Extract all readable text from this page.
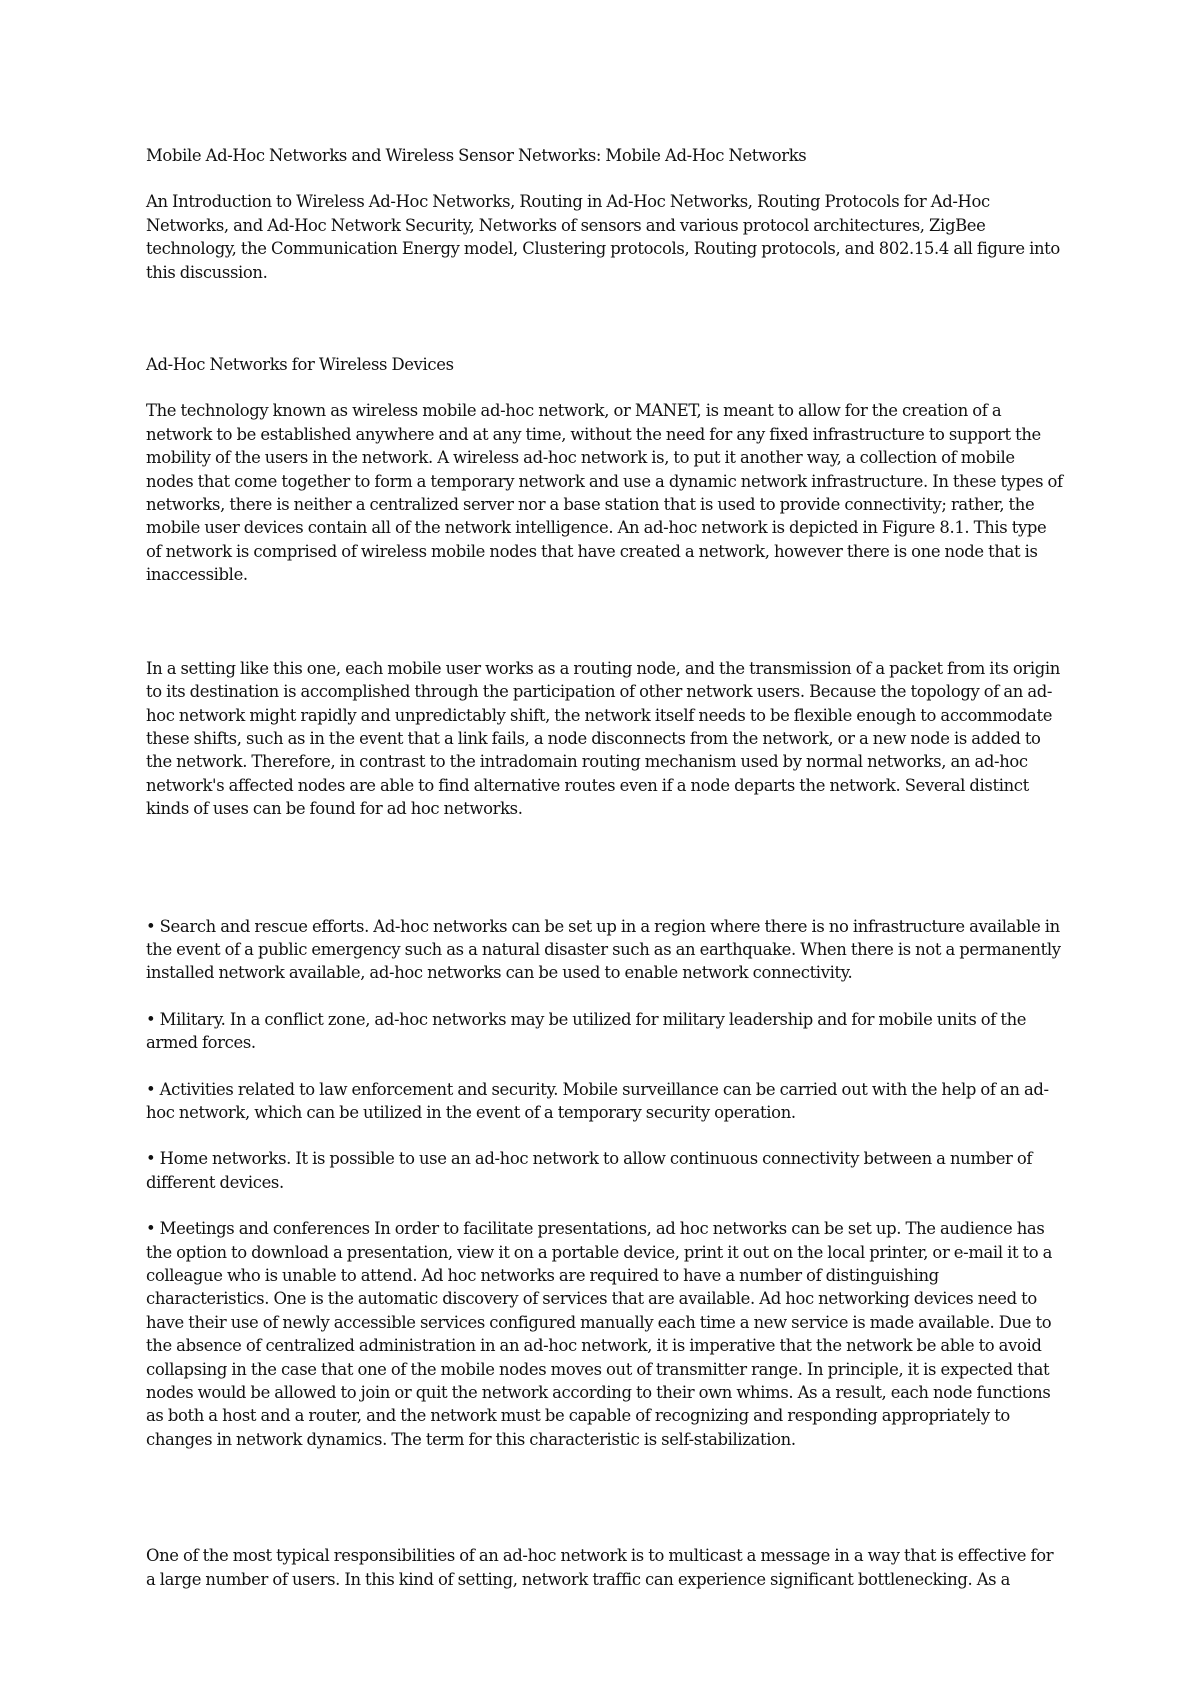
Mobile Ad-Hoc Networks and Wireless Sensor Networks: Mobile Ad-Hoc Networks

An Introduction to Wireless Ad-Hoc Networks, Routing in Ad-Hoc Networks, Routing Protocols for Ad-Hoc Networks, and Ad-Hoc Network Security, Networks of sensors and various protocol architectures, ZigBee technology, the Communication Energy model, Clustering protocols, Routing protocols, and 802.15.4 all figure into this discussion.

Ad-Hoc Networks for Wireless Devices

The technology known as wireless mobile ad-hoc network, or MANET, is meant to allow for the creation of a network to be established anywhere and at any time, without the need for any fixed infrastructure to support the mobility of the users in the network. A wireless ad-hoc network is, to put it another way, a collection of mobile nodes that come together to form a temporary network and use a dynamic network infrastructure. In these types of networks, there is neither a centralized server nor a base station that is used to provide connectivity; rather, the mobile user devices contain all of the network intelligence. An ad-hoc network is depicted in Figure 8.1. This type of network is comprised of wireless mobile nodes that have created a network, however there is one node that is inaccessible.

In a setting like this one, each mobile user works as a routing node, and the transmission of a packet from its origin to its destination is accomplished through the participation of other network users. Because the topology of an ad-hoc network might rapidly and unpredictably shift, the network itself needs to be flexible enough to accommodate these shifts, such as in the event that a link fails, a node disconnects from the network, or a new node is added to the network. Therefore, in contrast to the intradomain routing mechanism used by normal networks, an ad-hoc network's affected nodes are able to find alternative routes even if a node departs the network. Several distinct kinds of uses can be found for ad hoc networks.

• Search and rescue efforts. Ad-hoc networks can be set up in a region where there is no infrastructure available in the event of a public emergency such as a natural disaster such as an earthquake. When there is not a permanently installed network available, ad-hoc networks can be used to enable network connectivity.

• Military. In a conflict zone, ad-hoc networks may be utilized for military leadership and for mobile units of the armed forces.

• Activities related to law enforcement and security. Mobile surveillance can be carried out with the help of an ad-hoc network, which can be utilized in the event of a temporary security operation.

• Home networks. It is possible to use an ad-hoc network to allow continuous connectivity between a number of different devices.

• Meetings and conferences In order to facilitate presentations, ad hoc networks can be set up. The audience has the option to download a presentation, view it on a portable device, print it out on the local printer, or e-mail it to a colleague who is unable to attend. Ad hoc networks are required to have a number of distinguishing characteristics. One is the automatic discovery of services that are available. Ad hoc networking devices need to have their use of newly accessible services configured manually each time a new service is made available. Due to the absence of centralized administration in an ad-hoc network, it is imperative that the network be able to avoid collapsing in the case that one of the mobile nodes moves out of transmitter range. In principle, it is expected that nodes would be allowed to join or quit the network according to their own whims. As a result, each node functions as both a host and a router, and the network must be capable of recognizing and responding appropriately to changes in network dynamics. The term for this characteristic is self-stabilization.

One of the most typical responsibilities of an ad-hoc network is to multicast a message in a way that is effective for a large number of users. In this kind of setting, network traffic can experience significant bottlenecking. As a
